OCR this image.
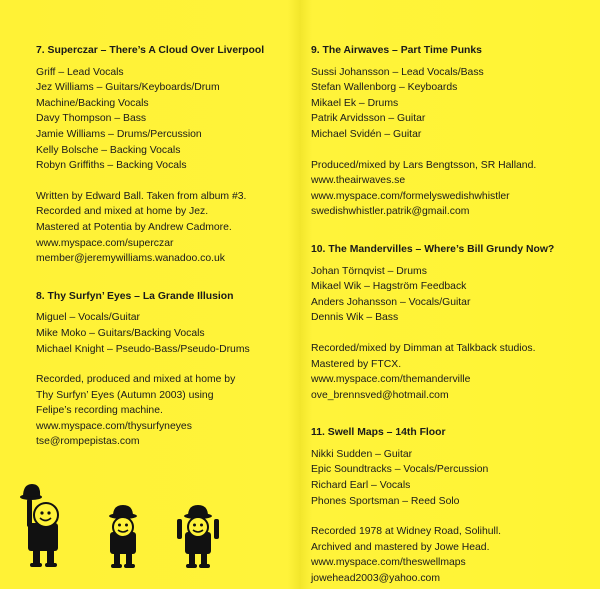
7. Superczar – There’s A Cloud Over Liverpool

Griff – Lead Vocals
Jez Williams – Guitars/Keyboards/Drum
Machine/Backing Vocals
Davy Thompson – Bass
Jamie Williams – Drums/Percussion
Kelly Bolsche – Backing Vocals
Robyn Griffiths – Backing Vocals
Written by Edward Ball. Taken from album #3.
Recorded and mixed at home by Jez.
Mastered at Potentia by Andrew Cadmore.
www.myspace.com/superczar
member@jeremywilliams.wanadoo.co.uk

8. Thy Surfyn’ Eyes – La Grande Illusion

Miguel – Vocals/Guitar
Mike Moko – Guitars/Backing Vocals
Michael Knight – Pseudo-Bass/Pseudo-Drums
Recorded, produced and mixed at home by
Thy Surfyn’ Eyes (Autumn 2003) using
Felipe’s recording machine.
www.myspace.com/thysurfyneyes
tse@rompepistas.com

9. The Airwaves – Part Time Punks

Sussi Johansson – Lead Vocals/Bass
Stefan Wallenborg – Keyboards
Mikael Ek – Drums
Patrik Arvidsson – Guitar
Michael Svidén – Guitar
Produced/mixed by Lars Bengtsson, SR Halland.
www.theairwaves.se
www.myspace.com/formelyswedishwhistler
swedishwhistler.patrik@gmail.com

10. The Mandervilles – Where’s Bill Grundy Now?

Johan Törnqvist – Drums
Mikael Wik – Hagström Feedback
Anders Johansson – Vocals/Guitar
Dennis Wik – Bass
Recorded/mixed by Dimman at Talkback studios.
Mastered by FTCX.
www.myspace.com/themanderville
ove_brennsved@hotmail.com

11. Swell Maps – 14th Floor

Nikki Sudden – Guitar
Epic Soundtracks – Vocals/Percussion
Richard Earl – Vocals
Phones Sportsman – Reed Solo
Recorded 1978 at Widney Road, Solihull.
Archived and mastered by Jowe Head.
www.myspace.com/theswellmaps
jowehead2003@yahoo.com
